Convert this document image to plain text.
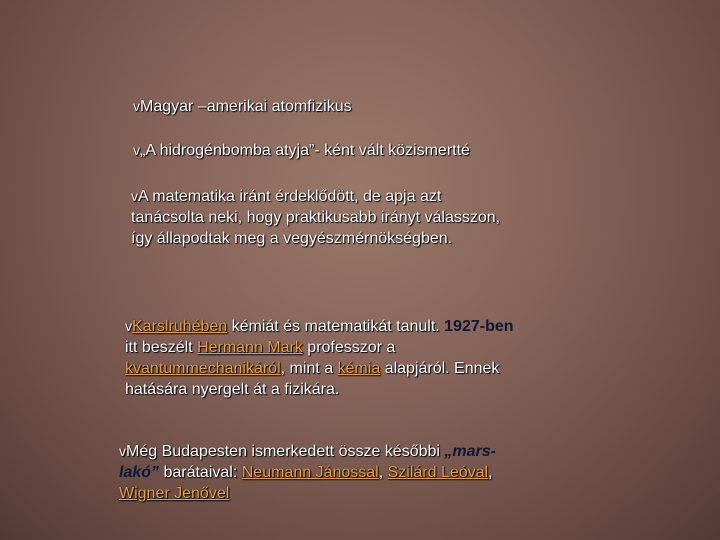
vMagyar –amerikai atomfizikus

v„A hidrogénbomba atyja”- ként vált közismertté

vA matematika iránt érdeklődött, de apja azt tanácsolta neki, hogy praktikusabb irányt válasszon, így állapodtak meg a vegyészmérnökségben.

vKarslruhében kémiát és matematikát tanult. 1927-ben itt beszélt Hermann Mark professzor a kvantummechanikáról, mint a kémia alapjáról. Ennek hatására nyergelt át a fizikára.

vMég Budapesten ismerkedett össze későbbi „mars-lakó” barátaival: Neumann Jánossal, Szilárd Leóval, Wigner Jenővel
